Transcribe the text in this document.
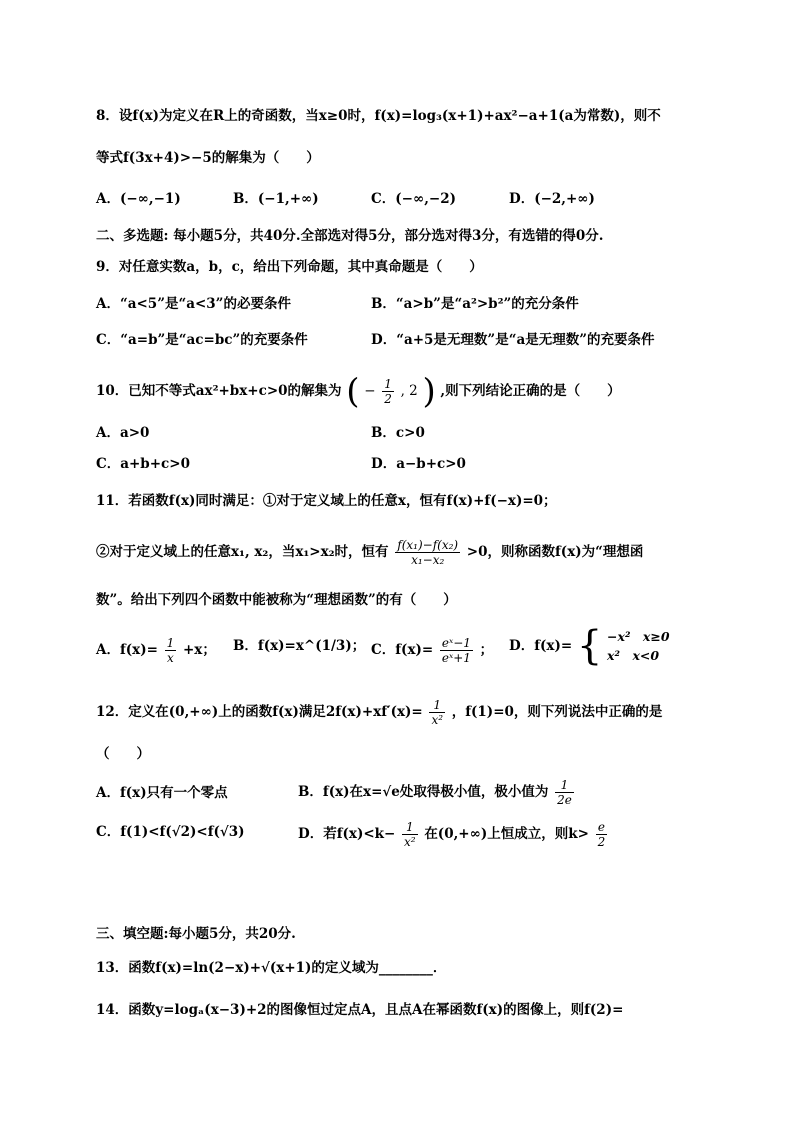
8．设f(x)为定义在R上的奇函数，当x≥0时，f(x)=log₃(x+1)+ax²−a+1(a为常数)，则不
等式f(3x+4)>−5的解集为（　　）
A．(−∞,−1)	B．(−1,+∞)	C．(−∞,−2)	D．(−2,+∞)
二、多选题: 每小题5分，共40分.全部选对得5分，部分选对得3分，有选错的得0分.
9．对任意实数a，b，c，给出下列命题，其中真命题是（　　）
A．“a<5”是“a<3”的必要条件	B．“a>b”是“a²>b²”的充分条件
C．“a=b”是“ac=bc”的充要条件	D．“a+5是无理数”是“a是无理数”的充要条件
10．已知不等式ax²+bx+c>0的解集为 ( − $\frac{1}{2}$ , 2 ) ,则下列结论正确的是（　　）
A．a>0	B．c>0
C．a+b+c>0	D．a−b+c>0
11．若函数f(x)同时满足：①对于定义域上的任意x，恒有f(x)+f(−x)=0；
②对于定义域上的任意x₁, x₂，当x₁>x₂时，恒有 $\frac{\text{f(x₁)−f(x₂)}}{\text{x₁−x₂}} >0$，则称函数f(x)为“理想函
数”。给出下列四个函数中能被称为“理想函数”的有（　　）
A．$f(x)= \frac{1}{x} +x$； B．f(x)=x^(1/3)； C．$f(x)= \frac{\text{eˣ−1}}{\text{eˣ+1}}$ ； D．f(x)= { −x²　x≥0
x²　x<0
12．定义在(0,+∞)上的函数f(x)满足$2f(x)+xf'(x)= \frac{1}{\text{x²}}$ ，f(1)=0，则下列说法中正确的是
（　　）
A．f(x)只有一个零点	B．f(x)在x=√e处取得极小值，极小值为 $\frac{1}{2e}$
C．f(1)<f(√2)<f(√3)	D．若$f(x)<k- \frac{1}{\text{x²}}$ 在(0,+∞)上恒成立，则$k> \frac{e}{2}$
三、填空题:每小题5分，共20分.
13．函数f(x)=ln(2−x)+√(x+1)的定义域为________．
14．函数y=logₐ(x−3)+2的图像恒过定点A，且点A在幂函数f(x)的图像上，则f(2)=
